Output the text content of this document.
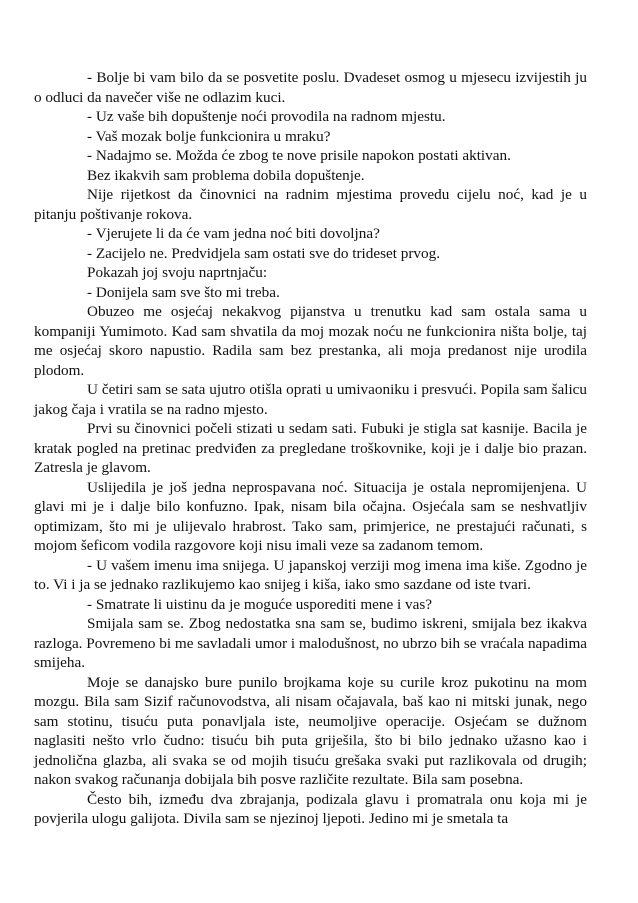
- Bolje bi vam bilo da se posvetite poslu. Dvadeset osmog u mjesecu izvijestih ju o odluci da navečer više ne odlazim kuci.

- Uz vaše bih dopuštenje noći provodila na radnom mjestu.

- Vaš mozak bolje funkcionira u mraku?

- Nadajmo se. Možda će zbog te nove prisile napokon postati aktivan.

Bez ikakvih sam problema dobila dopuštenje.

Nije rijetkost da činovnici na radnim mjestima provedu cijelu noć, kad je u pitanju poštivanje rokova.

- Vjerujete li da će vam jedna noć biti dovoljna?

- Zacijelo ne. Predvidjela sam ostati sve do trideset prvog.

Pokazah joj svoju naprtnjaču:

- Donijela sam sve što mi treba.

Obuzeo me osjećaj nekakvog pijanstva u trenutku kad sam ostala sama u kompaniji Yumimoto. Kad sam shvatila da moj mozak noću ne funkcionira ništa bolje, taj me osjećaj skoro napustio. Radila sam bez prestanka, ali moja predanost nije urodila plodom.

U četiri sam se sata ujutro otišla oprati u umivaoniku i presvući. Popila sam šalicu jakog čaja i vratila se na radno mjesto.

Prvi su činovnici počeli stizati u sedam sati. Fubuki je stigla sat kasnije. Bacila je kratak pogled na pretinac predviđen za pregledane troškovnike, koji je i dalje bio prazan. Zatresla je glavom.

Uslijedila je još jedna neprospavana noć. Situacija je ostala nepromijenjena. U glavi mi je i dalje bilo konfuzno. Ipak, nisam bila očajna. Osjećala sam se neshvatljiv optimizam, što mi je ulijevalo hrabrost. Tako sam, primjerice, ne prestajući računati, s mojom šeficom vodila razgovore koji nisu imali veze sa zadanom temom.

- U vašem imenu ima snijega. U japanskoj verziji mog imena ima kiše. Zgodno je to. Vi i ja se jednako razlikujemo kao snijeg i kiša, iako smo sazdane od iste tvari.

- Smatrate li uistinu da je moguće usporediti mene i vas?

Smijala sam se. Zbog nedostatka sna sam se, budimo iskreni, smijala bez ikakva razloga. Povremeno bi me savladali umor i malodušnost, no ubrzo bih se vraćala napadima smijeha.

Moje se danajsko bure punilo brojkama koje su curile kroz pukotinu na mom mozgu. Bila sam Sizif računovodstva, ali nisam očajavala, baš kao ni mitski junak, nego sam stotinu, tisuću puta ponavljala iste, neumoljive operacije. Osjećam se dužnom naglasiti nešto vrlo čudno: tisuću bih puta griješila, što bi bilo jednako užasno kao i jednolična glazba, ali svaka se od mojih tisuću grešaka svaki put razlikovala od drugih; nakon svakog računanja dobijala bih posve različite rezultate. Bila sam posebna.

Često bih, između dva zbrajanja, podizala glavu i promatrala onu koja mi je povjerila ulogu galijota. Divila sam se njezinoj ljepoti. Jedino mi je smetala ta
